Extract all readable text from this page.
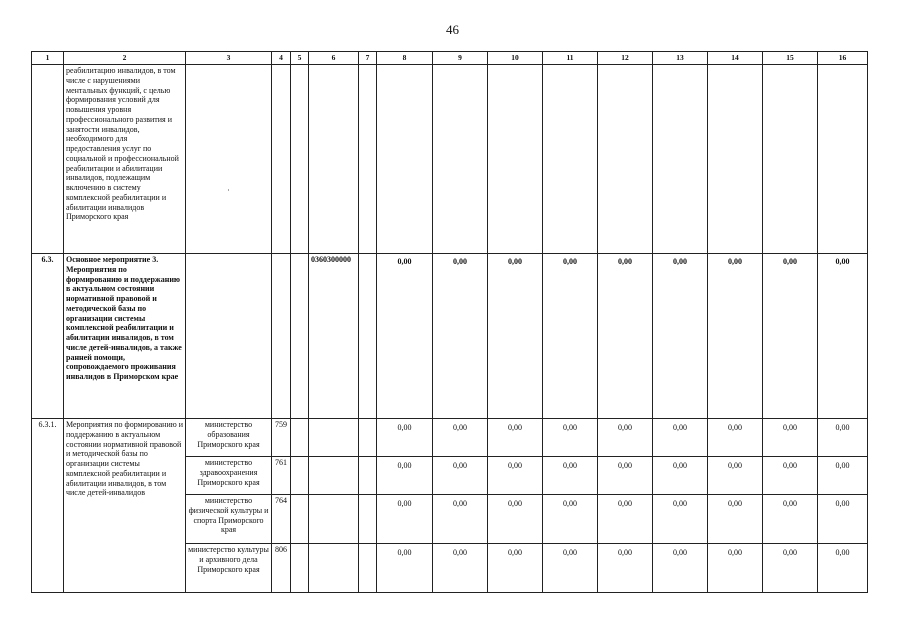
46
1	2	3	4	5	6	7	8	9	10	11	12	13	14	15	16
	реабилитацию инвалидов, в том числе с нарушениями ментальных функций, с целью формирования условий для повышения уровня профессионального развития и занятости инвалидов, необходимого для предоставления услуг по социальной и профессиональной реабилитации и абилитации инвалидов, подлежащим включению в систему комплексной реабилитации и абилитации инвалидов Приморского края	·													

6.3.	Основное мероприятие 3. Мероприятия по формированию и поддержанию в актуальном состоянии нормативной правовой и методической базы по организации системы комплексной реабилитации и абилитации инвалидов, в том числе детей-инвалидов, а также ранней помощи, сопровождаемого проживания инвалидов в Приморском крае				0360300000		0,00	0,00	0,00	0,00	0,00	0,00	0,00	0,00	0,00
6.3.1.	Мероприятия по формированию и поддержанию в актуальном состоянии нормативной правовой и методической базы по организации системы комплексной реабилитации и абилитации инвалидов, в том числе детей-инвалидов	министерство образования Приморского края	759				0,00	0,00	0,00	0,00	0,00	0,00	0,00	0,00	0,00
		министерство здравоохранения Приморского края	761				0,00	0,00	0,00	0,00	0,00	0,00	0,00	0,00	0,00
		министерство физической культуры и спорта Приморского края	764				0,00	0,00	0,00	0,00	0,00	0,00	0,00	0,00	0,00
		министерство культуры и архивного дела Приморского края	806				0,00	0,00	0,00	0,00	0,00	0,00	0,00	0,00	0,00
